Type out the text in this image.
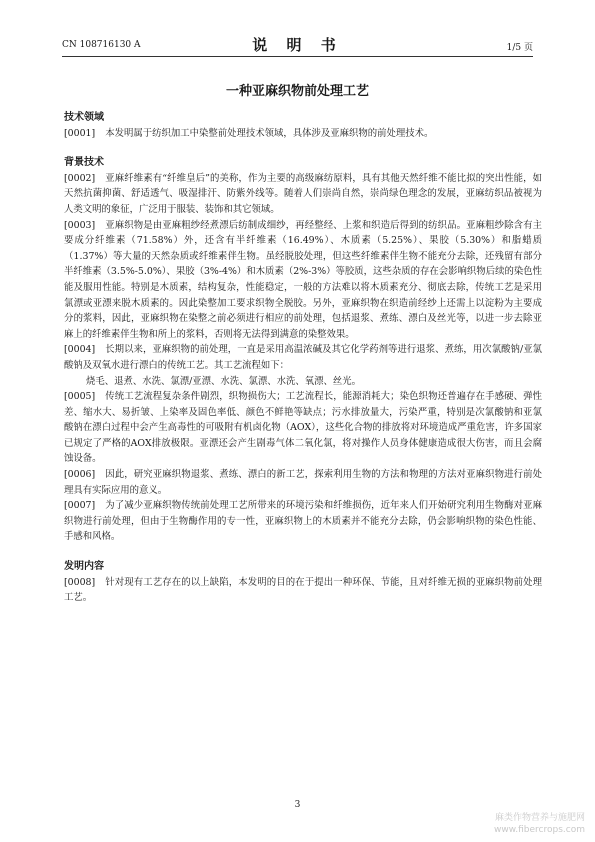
CN 108716130 A	说 明 书	1/5 页
一种亚麻织物前处理工艺

技术领域

[0001] 本发明属于纺织加工中染整前处理技术领域，具体涉及亚麻织物的前处理技术。

背景技术

[0002] 亚麻纤维素有“纤维皇后”的美称，作为主要的高级麻纺原料，具有其他天然纤维不能比拟的突出性能，如天然抗菌抑菌、舒适透气、吸湿排汗、防紫外线等。随着人们崇尚自然，崇尚绿色理念的发展，亚麻纺织品被视为人类文明的象征，广泛用于服装、装饰和其它领域。

[0003] 亚麻织物是由亚麻粗纱经煮漂后纺制成细纱，再经整经、上浆和织造后得到的纺织品。亚麻粗纱除含有主要成分纤维素（71.58%）外，还含有半纤维素（16.49%）、木质素（5.25%）、果胶（5.30%）和脂蜡质（1.37%）等大量的天然杂质或纤维素伴生物。虽经脱胶处理，但这些纤维素伴生物不能充分去除，还残留有部分半纤维素（3.5%-5.0%）、果胶（3%-4%）和木质素（2%-3%）等胶质，这些杂质的存在会影响织物后续的染色性能及服用性能。特别是木质素，结构复杂，性能稳定，一般的方法难以将木质素充分、彻底去除，传统工艺是采用氯漂或亚漂来脱木质素的。因此染整加工要求织物全脱胶。另外，亚麻织物在织造前经纱上还需上以淀粉为主要成分的浆料，因此，亚麻织物在染整之前必须进行相应的前处理，包括退浆、煮练、漂白及丝光等，以进一步去除亚麻上的纤维素伴生物和所上的浆料，否则将无法得到满意的染整效果。

[0004] 长期以来，亚麻织物的前处理，一直是采用高温浓碱及其它化学药剂等进行退浆、煮练，用次氯酸钠/亚氯酸钠及双氧水进行漂白的传统工艺。其工艺流程如下：

烧毛、退煮、水洗、氯漂/亚漂、水洗、氯漂、水洗、氧漂、丝光。

[0005] 传统工艺流程复杂条件剧烈，织物损伤大；工艺流程长，能源消耗大；染色织物还普遍存在手感硬、弹性差、缩水大、易折皱、上染率及固色率低、颜色不鲜艳等缺点；污水排放量大，污染严重，特别是次氯酸钠和亚氯酸钠在漂白过程中会产生高毒性的可吸附有机卤化物（AOX），这些化合物的排放将对环境造成严重危害，许多国家已规定了严格的AOX排放极限。亚漂还会产生剧毒气体二氧化氯，将对操作人员身体健康造成很大伤害，而且会腐蚀设备。

[0006] 因此，研究亚麻织物退浆、煮练、漂白的新工艺，探索利用生物的方法和物理的方法对亚麻织物进行前处理具有实际应用的意义。

[0007] 为了减少亚麻织物传统前处理工艺所带来的环境污染和纤维损伤，近年来人们开始研究利用生物酶对亚麻织物进行前处理，但由于生物酶作用的专一性，亚麻织物上的木质素并不能充分去除，仍会影响织物的染色性能、手感和风格。

发明内容

[0008] 针对现有工艺存在的以上缺陷，本发明的目的在于提出一种环保、节能，且对纤维无损的亚麻织物前处理工艺。

3
麻类作物营养与施肥网
www.fibercrops.com
